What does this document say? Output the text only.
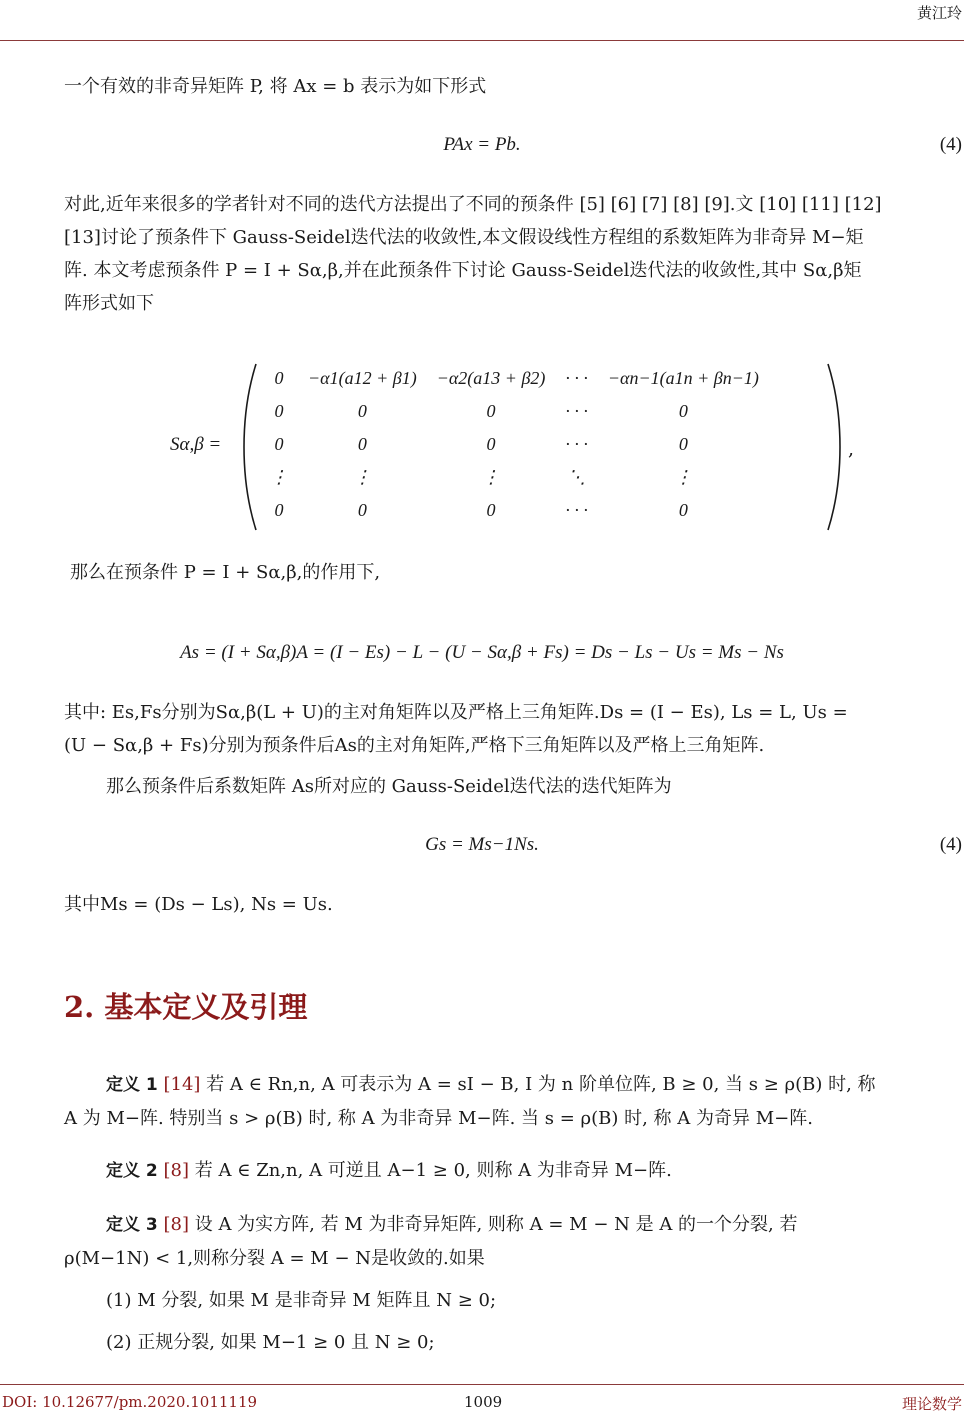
黄江玲
一个有效的非奇异矩阵 P, 将 Ax = b 表示为如下形式
PAx = Pb.	(4)
对此,近年来很多的学者针对不同的迭代方法提出了不同的预条件 [5] [6] [7] [8] [9].文 [10] [11] [12]
[13]讨论了预条件下 Gauss-Seidel迭代法的收敛性,本文假设线性方程组的系数矩阵为非奇异 M−矩
阵. 本文考虑预条件 P = I + Sα,β,并在此预条件下讨论 Gauss-Seidel迭代法的收敛性,其中 Sα,β矩
阵形式如下
Sα,β =
0	−α1(a12 + β1)	−α2(a13 + β2)	· · ·	−αn−1(a1n + βn−1)
0	0	0	· · ·	0
0	0	0	· · ·	0
⋮	⋮	⋮	⋱	⋮
0	0	0	· · ·	0
,
那么在预条件 P = I + Sα,β,的作用下,
As = (I + Sα,β)A = (I − Es) − L − (U − Sα,β + Fs) = Ds − Ls − Us = Ms − Ns
其中: Es,Fs分别为Sα,β(L + U)的主对角矩阵以及严格上三角矩阵.Ds = (I − Es), Ls = L, Us =
(U − Sα,β + Fs)分别为预条件后As的主对角矩阵,严格下三角矩阵以及严格上三角矩阵.
那么预条件后系数矩阵 As所对应的 Gauss-Seidel迭代法的迭代矩阵为
Gs = Ms−1Ns.	(4)
其中Ms = (Ds − Ls), Ns = Us.
2. 基本定义及引理
定义 1 [14] 若 A ∈ Rn,n, A 可表示为 A = sI − B, I 为 n 阶单位阵, B ≥ 0, 当 s ≥ ρ(B) 时, 称
A 为 M−阵. 特别当 s > ρ(B) 时, 称 A 为非奇异 M−阵. 当 s = ρ(B) 时, 称 A 为奇异 M−阵.
定义 2 [8] 若 A ∈ Zn,n, A 可逆且 A−1 ≥ 0, 则称 A 为非奇异 M−阵.
定义 3 [8] 设 A 为实方阵, 若 M 为非奇异矩阵, 则称 A = M − N 是 A 的一个分裂, 若
ρ(M−1N) < 1,则称分裂 A = M − N是收敛的.如果
(1) M 分裂, 如果 M 是非奇异 M 矩阵且 N ≥ 0;
(2) 正规分裂, 如果 M−1 ≥ 0 且 N ≥ 0;
DOI: 10.12677/pm.2020.1011119	1009	理论数学
